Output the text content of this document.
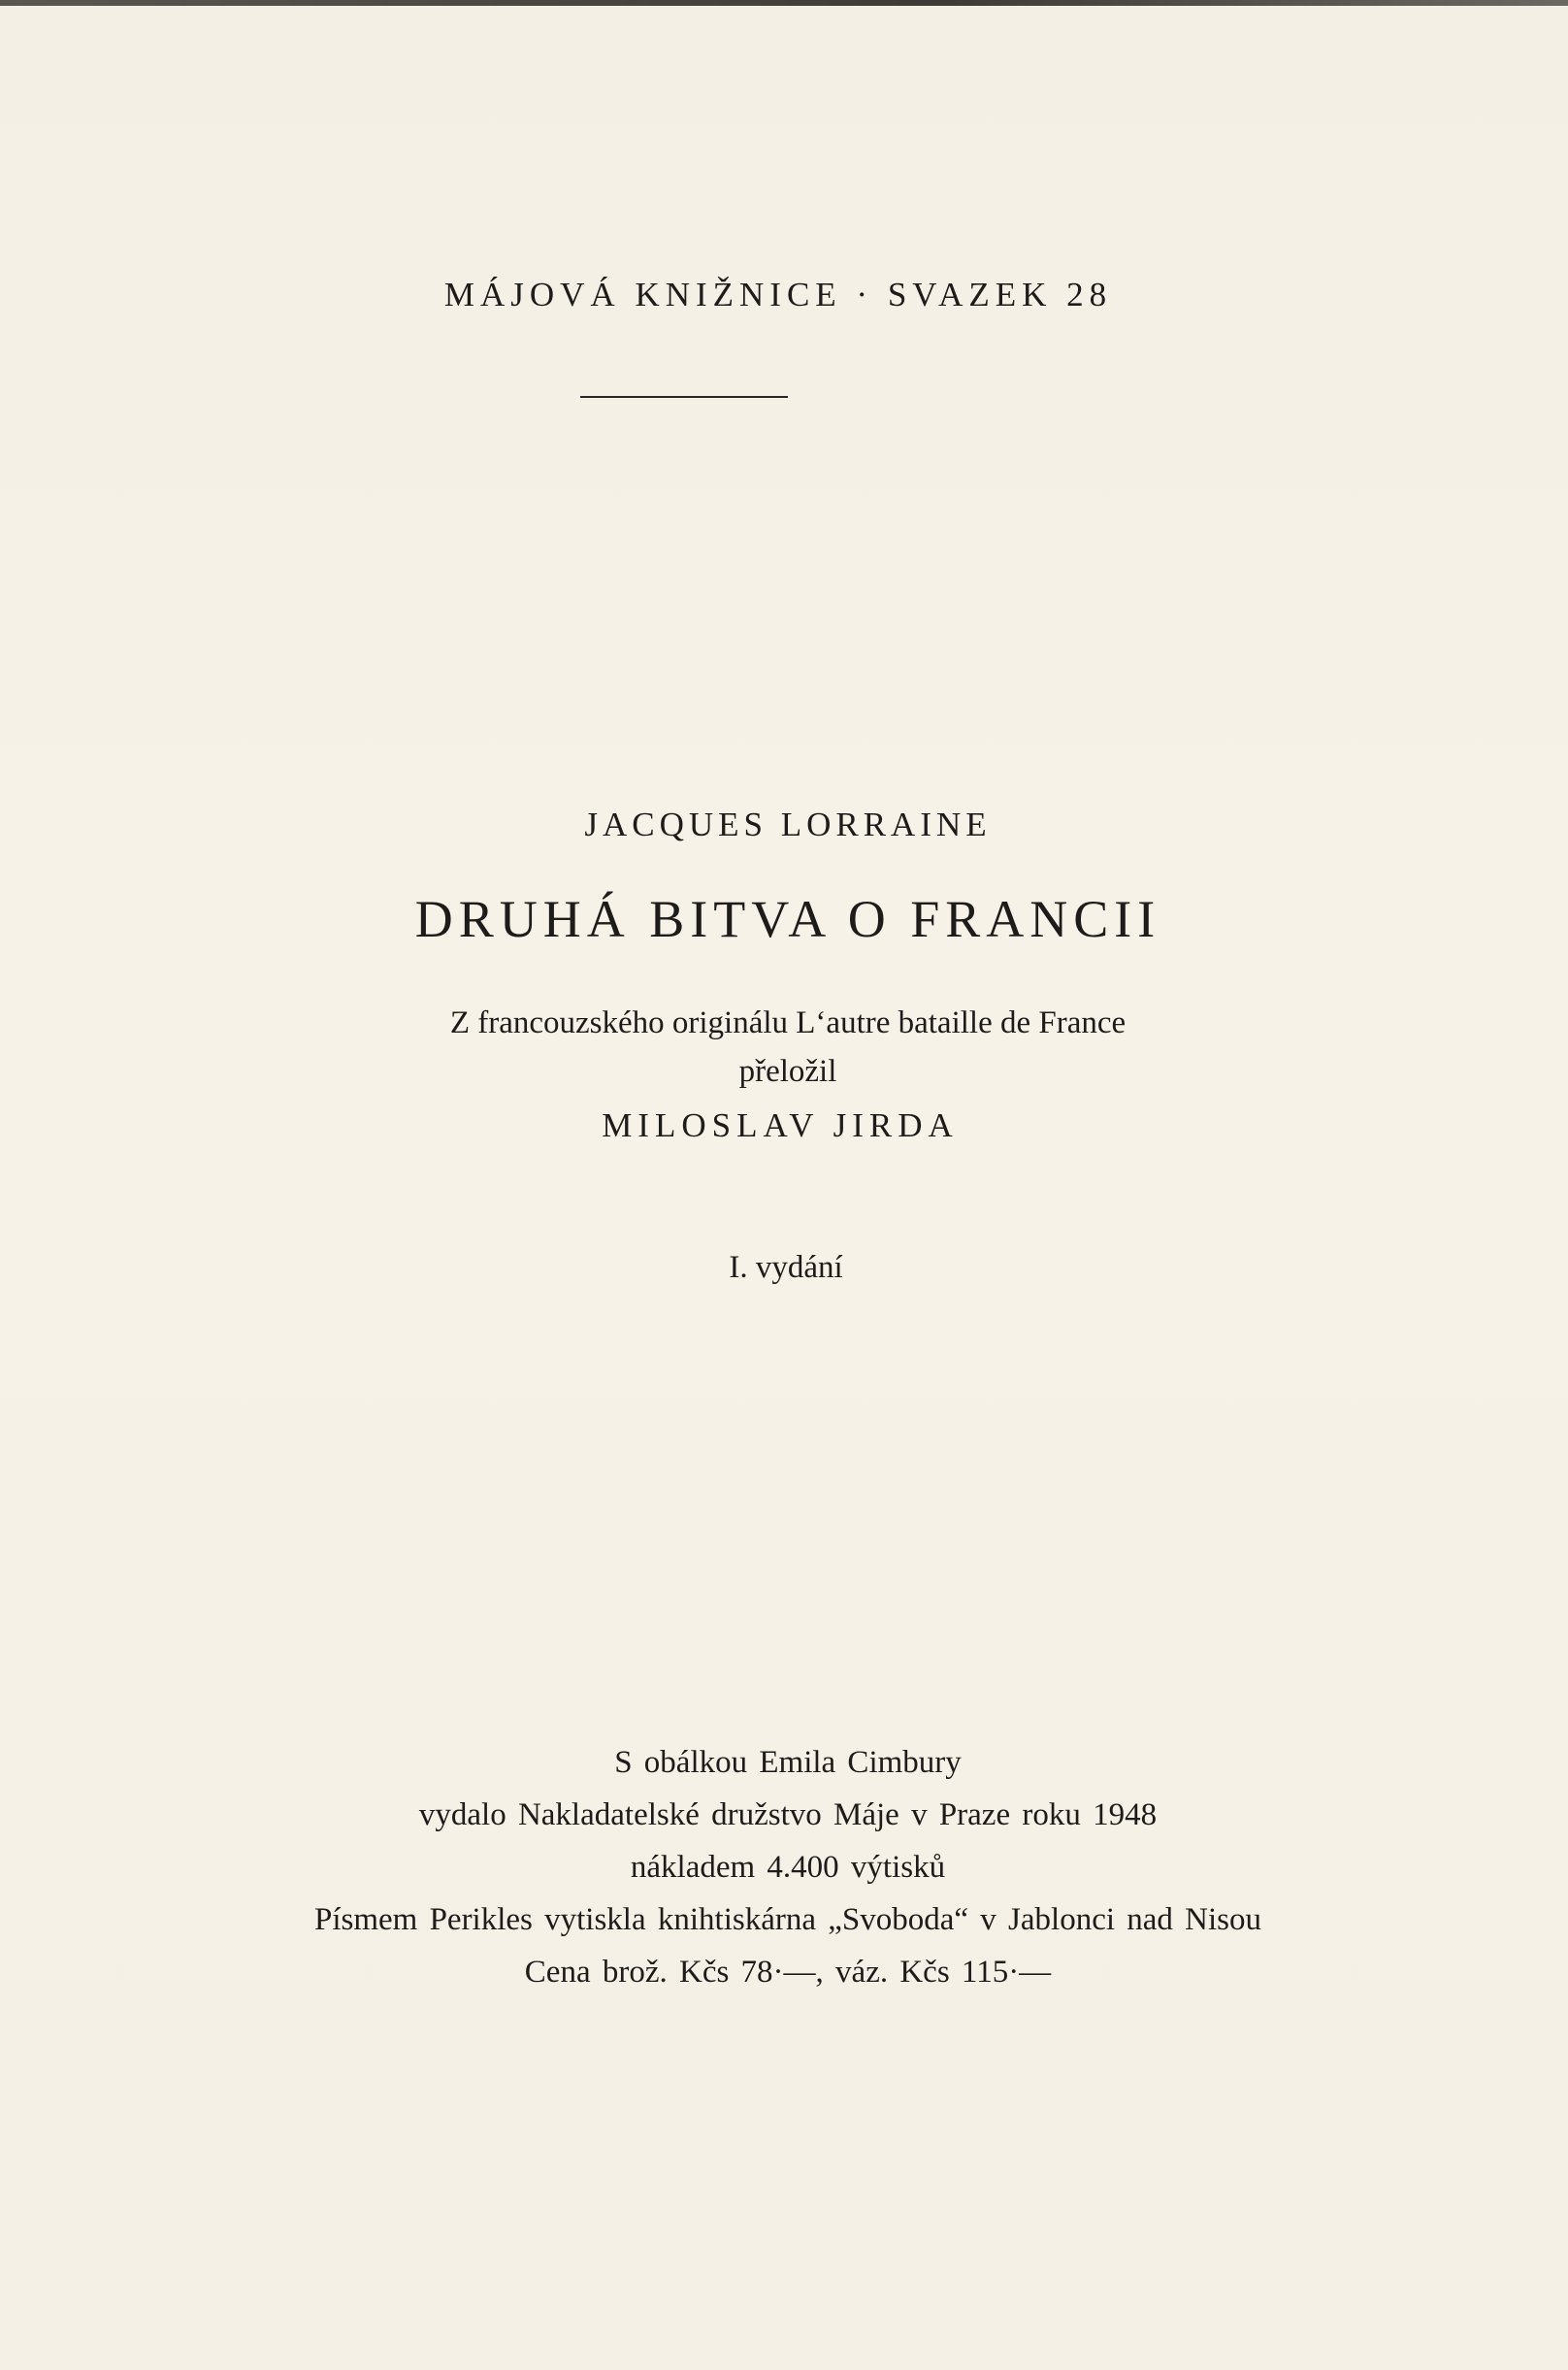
MÁJOVÁ KNIŽNICE · SVAZEK 28
JACQUES LORRAINE
DRUHÁ BITVA O FRANCII
Z francouzského originálu L‘autre bataille de France
přeložil
MILOSLAV JIRDA
I. vydání
S obálkou Emila Cimbury
vydalo Nakladatelské družstvo Máje v Praze roku 1948
nákladem 4.400 výtisků
Písmem Perikles vytiskla knihtiskárna „Svoboda“ v Jablonci nad Nisou
Cena brož. Kčs 78·—, váz. Kčs 115·—
